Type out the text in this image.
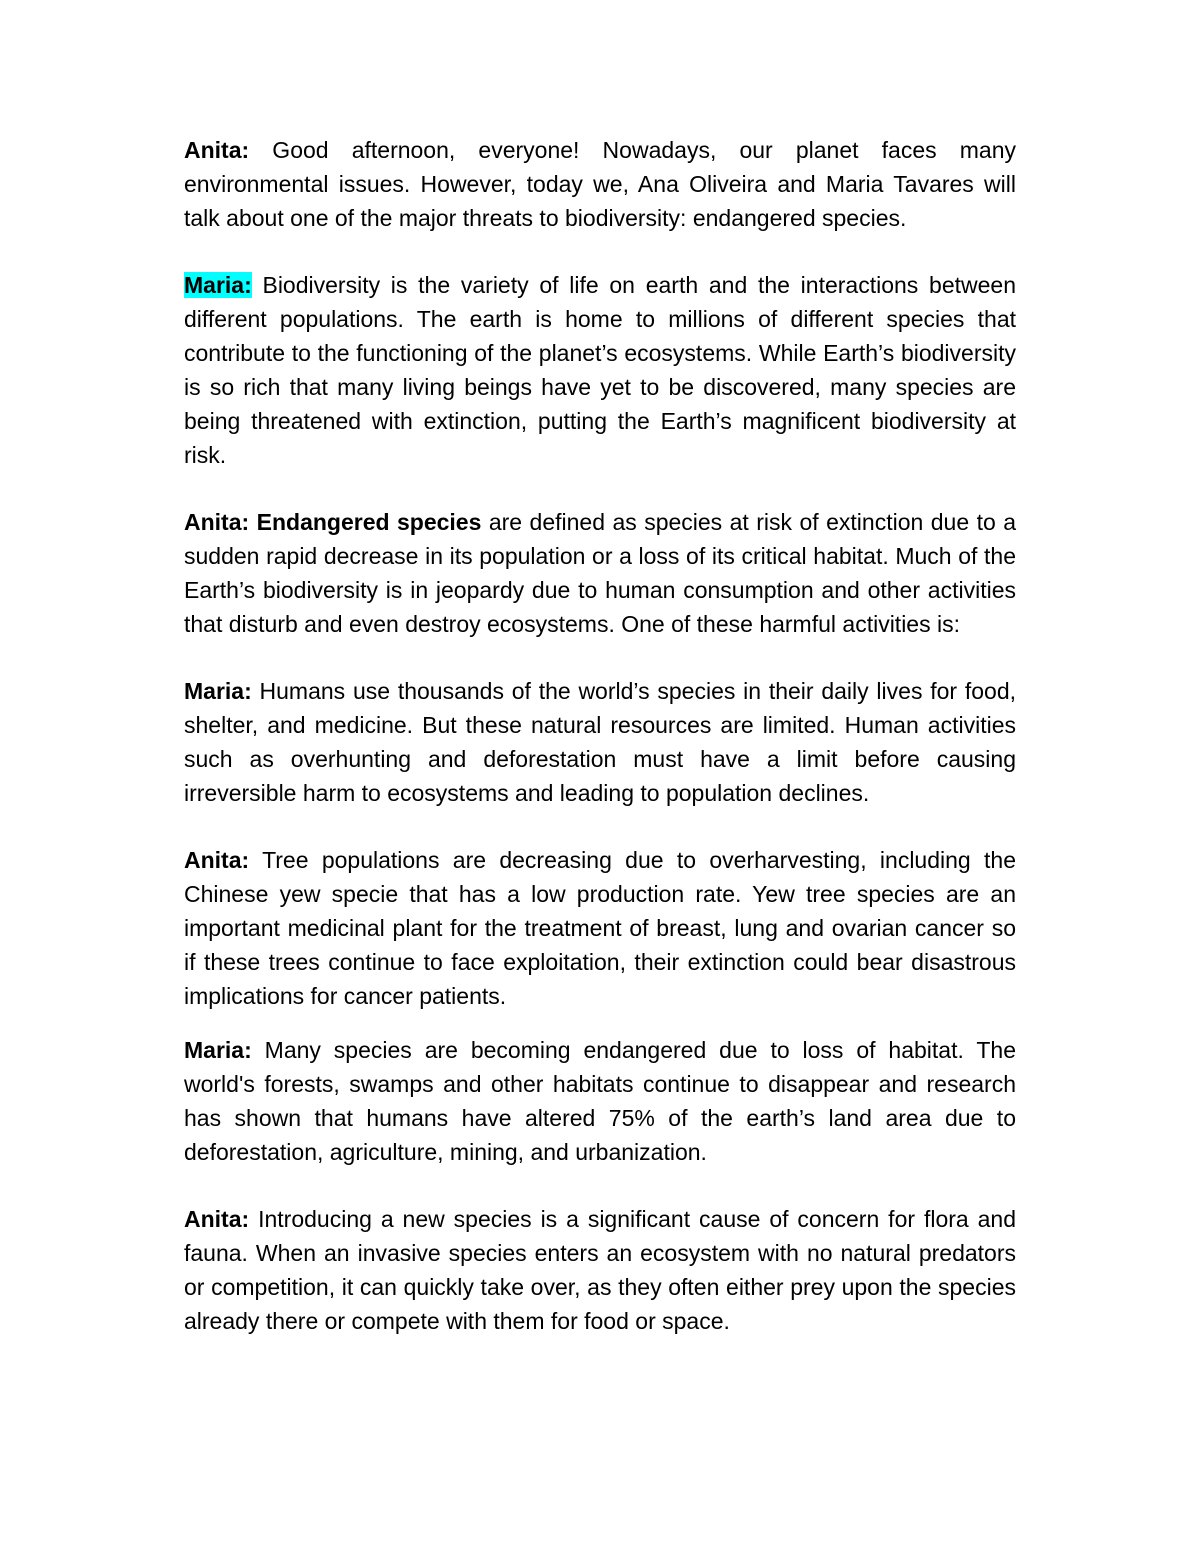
Anita: Good afternoon, everyone! Nowadays, our planet faces many environmental issues. However, today we, Ana Oliveira and Maria Tavares will talk about one of the major threats to biodiversity: endangered species.

Maria: Biodiversity is the variety of life on earth and the interactions between different populations. The earth is home to millions of different species that contribute to the functioning of the planet’s ecosystems. While Earth’s biodiversity is so rich that many living beings have yet to be discovered, many species are being threatened with extinction, putting the Earth’s magnificent biodiversity at risk.

Anita: Endangered species are defined as species at risk of extinction due to a sudden rapid decrease in its population or a loss of its critical habitat. Much of the Earth’s biodiversity is in jeopardy due to human consumption and other activities that disturb and even destroy ecosystems. One of these harmful activities is:

Maria: Humans use thousands of the world’s species in their daily lives for food, shelter, and medicine. But these natural resources are limited. Human activities such as overhunting and deforestation must have a limit before causing irreversible harm to ecosystems and leading to population declines.

Anita: Tree populations are decreasing due to overharvesting, including the Chinese yew specie that has a low production rate. Yew tree species are an important medicinal plant for the treatment of breast, lung and ovarian cancer so if these trees continue to face exploitation, their extinction could bear disastrous implications for cancer patients.

Maria: Many species are becoming endangered due to loss of habitat. The world's forests, swamps and other habitats continue to disappear and research has shown that humans have altered 75% of the earth’s land area due to deforestation, agriculture, mining, and urbanization.

Anita: Introducing a new species is a significant cause of concern for flora and fauna. When an invasive species enters an ecosystem with no natural predators or competition, it can quickly take over, as they often either prey upon the species already there or compete with them for food or space.
